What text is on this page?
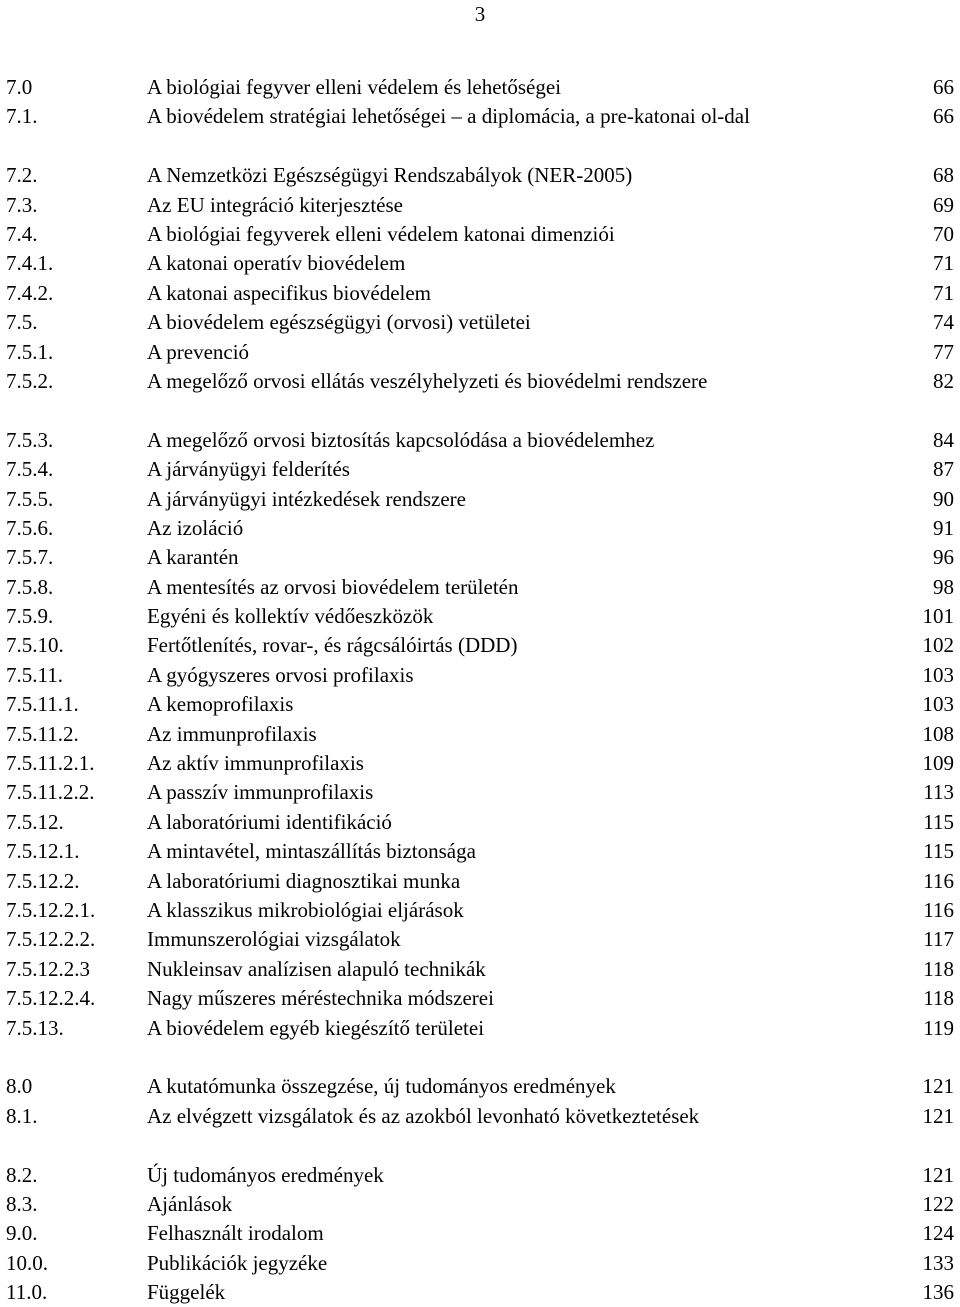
3
7.0	A biológiai fegyver elleni védelem és lehetőségei	66
7.1.	A biovédelem stratégiai lehetőségei – a diplomácia, a pre-katonai ol-dal	66
7.2.	A Nemzetközi Egészségügyi Rendszabályok (NER-2005)	68
7.3.	Az EU integráció kiterjesztése	69
7.4.	A biológiai fegyverek elleni védelem katonai dimenziói	70
7.4.1.	A katonai operatív biovédelem	71
7.4.2.	A katonai aspecifikus biovédelem	71
7.5.	A biovédelem egészségügyi (orvosi) vetületei	74
7.5.1.	A prevenció	77
7.5.2.	A megelőző orvosi ellátás veszélyhelyzeti és biovédelmi rendszere	82
7.5.3.	A megelőző orvosi biztosítás kapcsolódása a biovédelemhez	84
7.5.4.	A járványügyi felderítés	87
7.5.5.	A járványügyi intézkedések rendszere	90
7.5.6.	Az izoláció	91
7.5.7.	A karantén	96
7.5.8.	A mentesítés az orvosi biovédelem területén	98
7.5.9.	Egyéni és kollektív védőeszközök	101
7.5.10.	Fertőtlenítés, rovar-, és rágcsálóirtás (DDD)	102
7.5.11.	A gyógyszeres orvosi profilaxis	103
7.5.11.1.	A kemoprofilaxis	103
7.5.11.2.	Az immunprofilaxis	108
7.5.11.2.1.	Az aktív immunprofilaxis	109
7.5.11.2.2.	A passzív immunprofilaxis	113
7.5.12.	A laboratóriumi identifikáció	115
7.5.12.1.	A mintavétel, mintaszállítás biztonsága	115
7.5.12.2.	A laboratóriumi diagnosztikai munka	116
7.5.12.2.1. A klasszikus mikrobiológiai eljárások	116
7.5.12.2.2. Immunszerológiai vizsgálatok	117
7.5.12.2.3	Nukleinsav analízisen alapuló technikák	118
7.5.12.2.4. Nagy műszeres méréstechnika módszerei	118
7.5.13.	A biovédelem egyéb kiegészítő területei	119
8.0	A kutatómunka összegzése, új tudományos eredmények	121
8.1.	Az elvégzett vizsgálatok és az azokból levonható következtetések	121
8.2.	Új tudományos eredmények	121
8.3.	Ajánlások	122
9.0.	Felhasznált irodalom	124
10.0.	Publikációk jegyzéke	133
11.0.	Függelék	136
